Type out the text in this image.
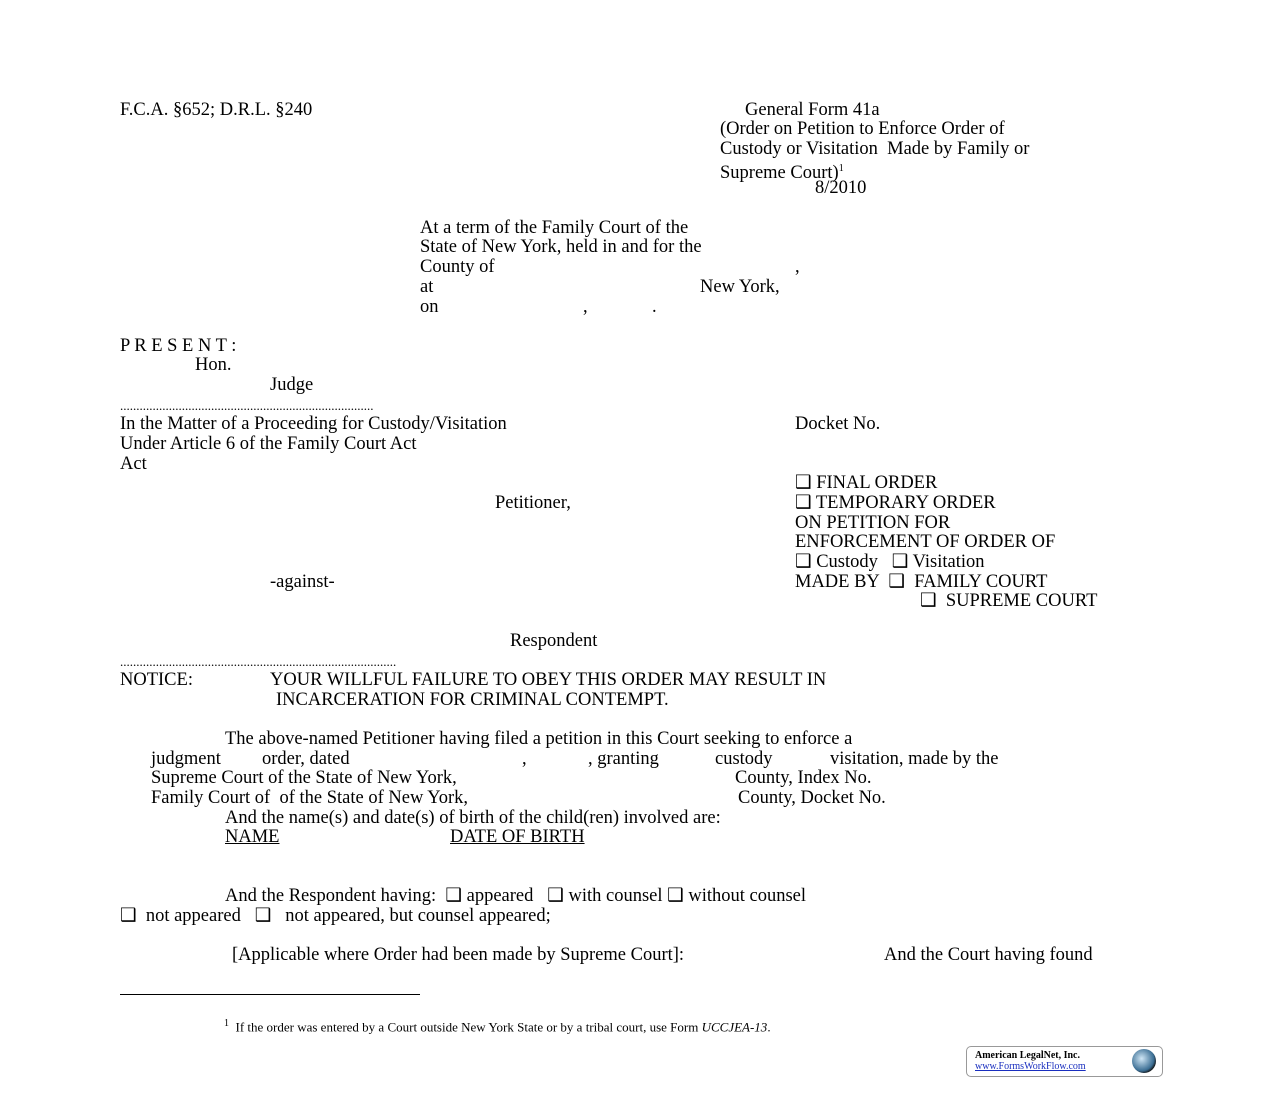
F.C.A. §652; D.R.L. §240	General Form 41a
(Order on Petition to Enforce Order of
Custody or Visitation  Made by Family or
Supreme Court)$^1$
8/2010
At a term of the Family Court of the
State of New York, held in and for the
County of	,
at	New York,
on	,	.
P R E S E N T :
Hon.
Judge
..............................................................................
In the Matter of a Proceeding for Custody/Visitation
Under Article 6 of the Family Court Act
Act
Docket No.
Petitioner,
-against-
Respondent
❑ FINAL ORDER
❑ TEMPORARY ORDER
ON PETITION FOR
ENFORCEMENT OF ORDER OF
❑ Custody   ❑ Visitation
MADE BY  ❑  FAMILY COURT
❑  SUPREME COURT
.....................................................................................
NOTICE:	YOUR WILLFUL FAILURE TO OBEY THIS ORDER MAY RESULT IN
INCARCERATION FOR CRIMINAL CONTEMPT.
The above-named Petitioner having filed a petition in this Court seeking to enforce a
judgment order, dated	,	, granting	custody	visitation, made by the
Supreme Court of the State of New York,	County, Index No.
Family Court of  of the State of New York,	County, Docket No.
And the name(s) and date(s) of birth of the child(ren) involved are:
NAME	DATE OF BIRTH
And the Respondent having:  ❑ appeared   ❑ with counsel ❑ without counsel
❑  not appeared   ❑   not appeared, but counsel appeared;
[Applicable where Order had been made by Supreme Court]:	And the Court having found
$^1$ If the order was entered by a Court outside New York State or by a tribal court, use Form UCCJEA-13.
American LegalNet, Inc.
www.FormsWorkFlow.com
